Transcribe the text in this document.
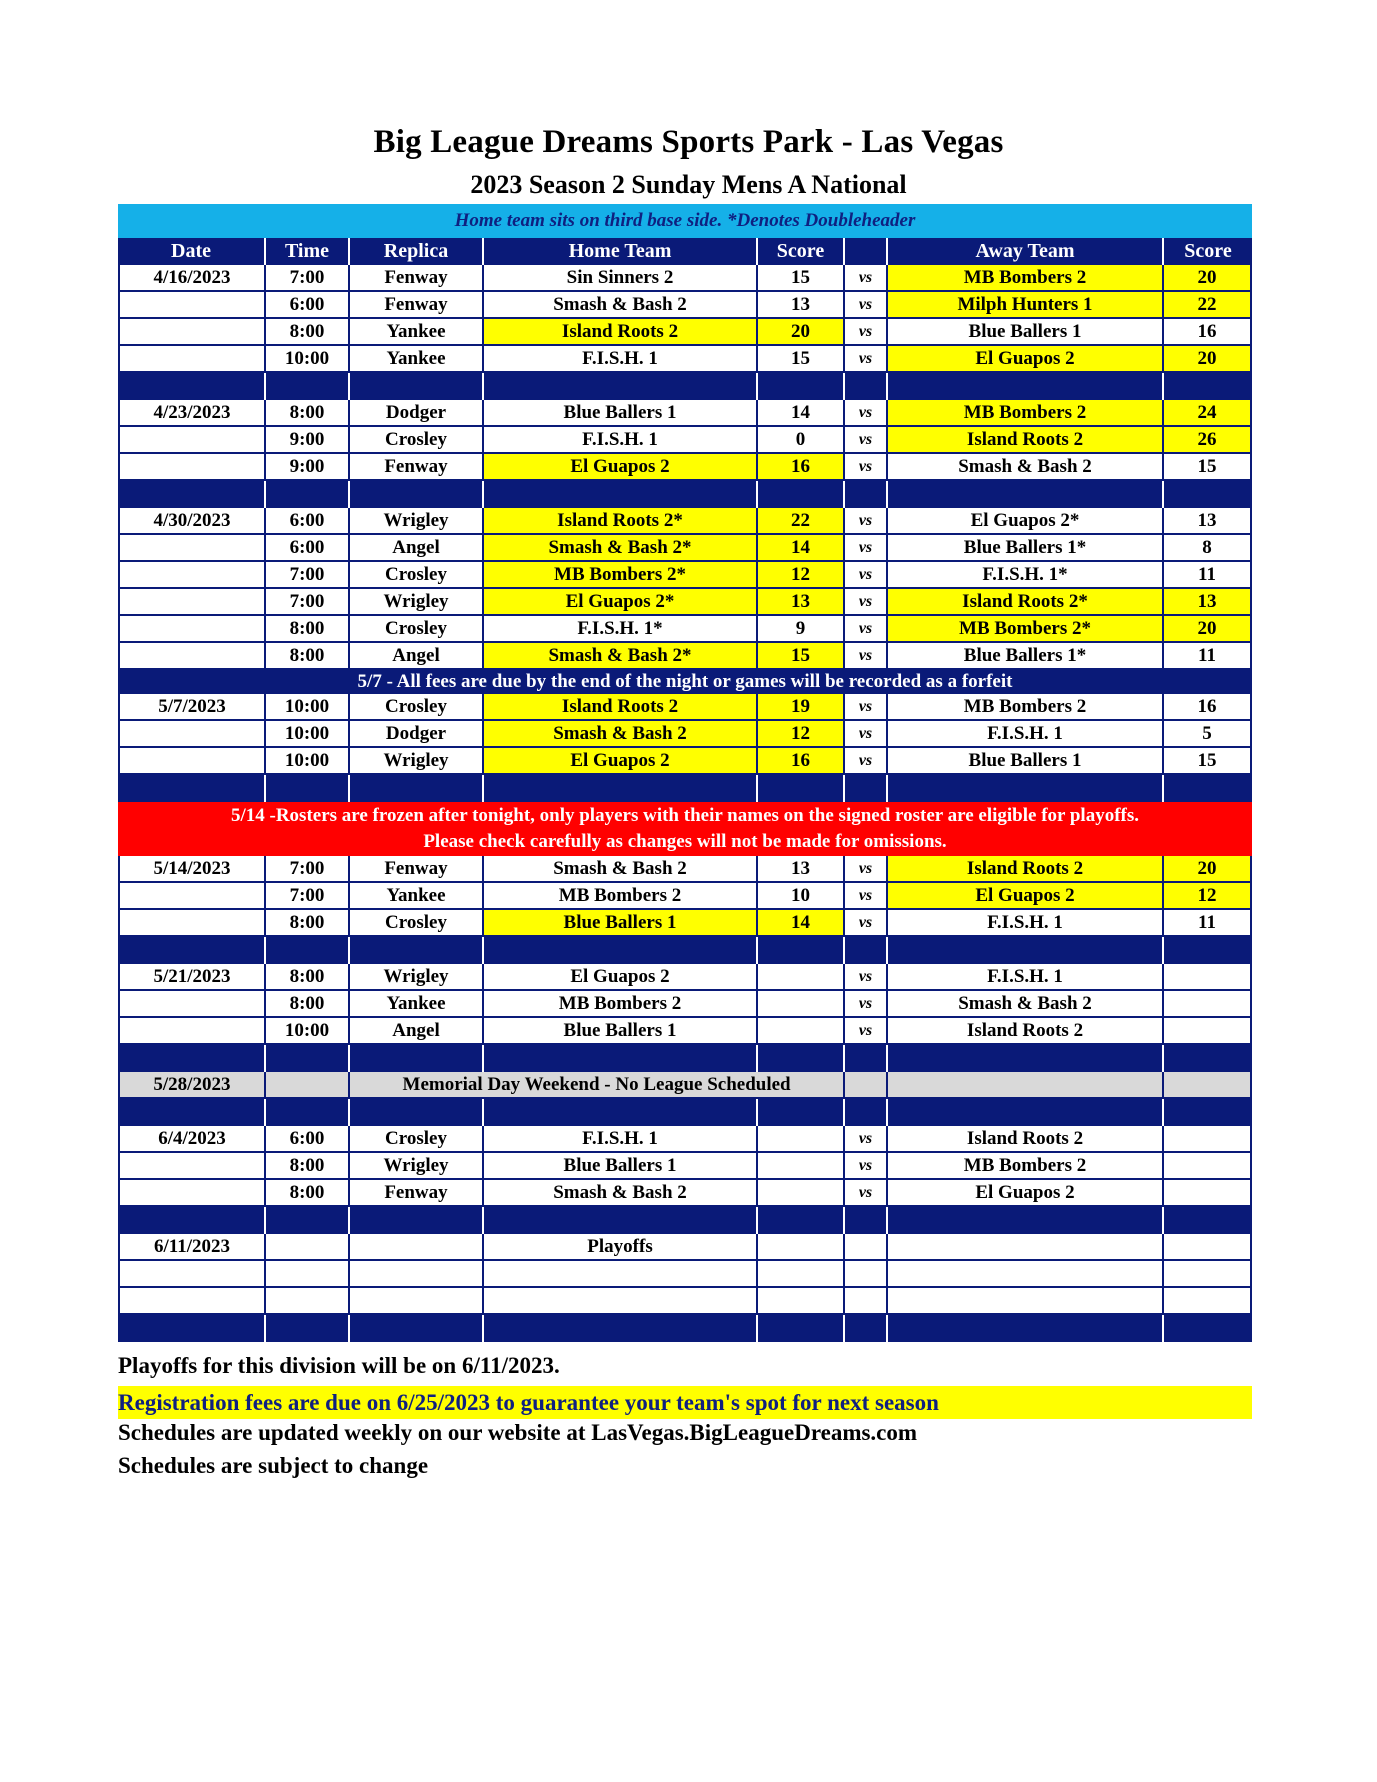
Big League Dreams Sports Park - Las Vegas
2023 Season 2 Sunday Mens A National
Home team sits on third base side. *Denotes Doubleheader
Date	Time	Replica	Home Team	Score	Away Team	Score
4/16/2023	7:00	Fenway	Sin Sinners 2	15	vs	MB Bombers 2	20
6:00	Fenway	Smash & Bash 2	13	vs	Milph Hunters 1	22
8:00	Yankee	Island Roots 2	20	vs	Blue Ballers 1	16
10:00	Yankee	F.I.S.H. 1	15	vs	El Guapos 2	20
4/23/2023	8:00	Dodger	Blue Ballers 1	14	vs	MB Bombers 2	24
9:00	Crosley	F.I.S.H. 1	0	vs	Island Roots 2	26
9:00	Fenway	El Guapos 2	16	vs	Smash & Bash 2	15
4/30/2023	6:00	Wrigley	Island Roots 2*	22	vs	El Guapos 2*	13
6:00	Angel	Smash & Bash 2*	14	vs	Blue Ballers 1*	8
7:00	Crosley	MB Bombers 2*	12	vs	F.I.S.H. 1*	11
7:00	Wrigley	El Guapos 2*	13	vs	Island Roots 2*	13
8:00	Crosley	F.I.S.H. 1*	9	vs	MB Bombers 2*	20
8:00	Angel	Smash & Bash 2*	15	vs	Blue Ballers 1*	11
5/7 - All fees are due by the end of the night or games will be recorded as a forfeit
5/7/2023	10:00	Crosley	Island Roots 2	19	vs	MB Bombers 2	16
10:00	Dodger	Smash & Bash 2	12	vs	F.I.S.H. 1	5
10:00	Wrigley	El Guapos 2	16	vs	Blue Ballers 1	15
5/14 -Rosters are frozen after tonight, only players with their names on the signed roster are eligible for playoffs.
Please check carefully as changes will not be made for omissions.
5/14/2023	7:00	Fenway	Smash & Bash 2	13	vs	Island Roots 2	20
7:00	Yankee	MB Bombers 2	10	vs	El Guapos 2	12
8:00	Crosley	Blue Ballers 1	14	vs	F.I.S.H. 1	11
5/21/2023	8:00	Wrigley	El Guapos 2	vs	F.I.S.H. 1
8:00	Yankee	MB Bombers 2	vs	Smash & Bash 2
10:00	Angel	Blue Ballers 1	vs	Island Roots 2
5/28/2023	Memorial Day Weekend - No League Scheduled
6/4/2023	6:00	Crosley	F.I.S.H. 1	vs	Island Roots 2
8:00	Wrigley	Blue Ballers 1	vs	MB Bombers 2
8:00	Fenway	Smash & Bash 2	vs	El Guapos 2
6/11/2023	Playoffs
Playoffs for this division will be on 6/11/2023.
Registration fees are due on 6/25/2023 to guarantee your team's spot for next season
Schedules are updated weekly on our website at LasVegas.BigLeagueDreams.com
Schedules are subject to change
